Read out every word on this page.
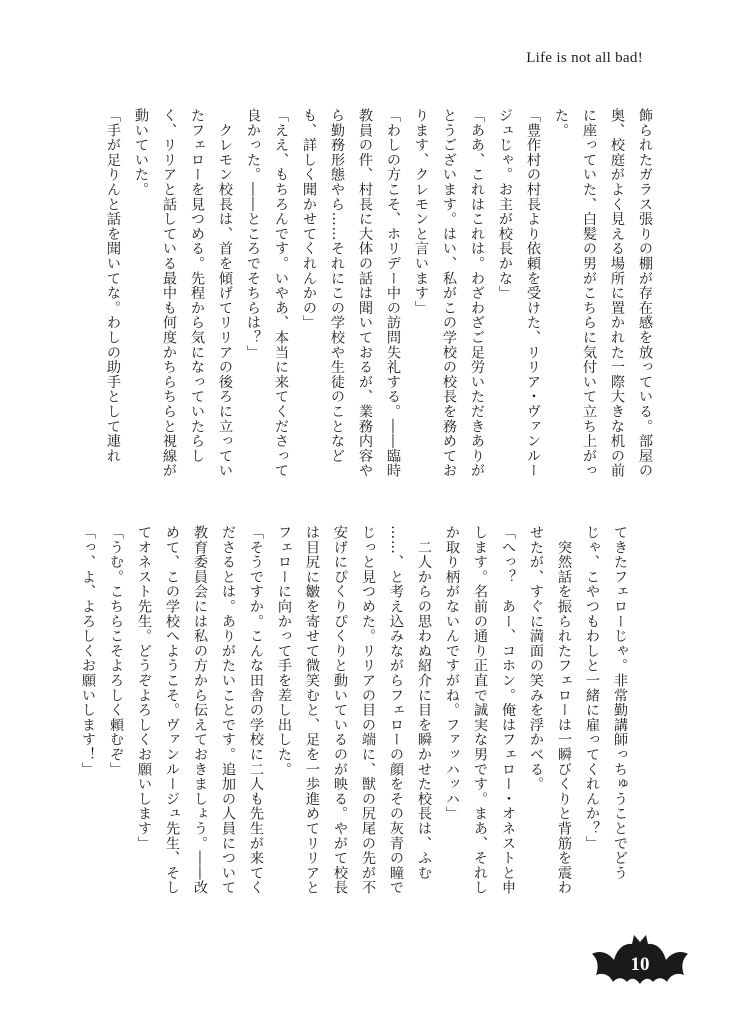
Life is not all bad!

飾られたガラス張りの棚が存在感を放っている。部屋の

奥、校庭がよく見える場所に置かれた一際大きな机の前

に座っていた、白髪の男がこちらに気付いて立ち上がっ

た。

「豊作村の村長より依頼を受けた、リリア・ヴァンルー

ジュじゃ。お主が校長かな」

「ああ、これはこれは。わざわざご足労いただきありが

とうございます。はい、私がこの学校の校長を務めてお

ります、クレモンと言います」

「わしの方こそ、ホリデー中の訪問失礼する。――臨時

教員の件、村長に大体の話は聞いておるが、業務内容や

ら勤務形態やら……それにこの学校や生徒のことなど

も、詳しく聞かせてくれんかの」

「ええ、もちろんです。いやあ、本当に来てくださって

良かった。――ところでそちらは？」

　クレモン校長は、首を傾げてリリアの後ろに立ってい

たフェローを見つめる。先程から気になっていたらし

く、リリアと話している最中も何度かちらちらと視線が

動いていた。

「手が足りんと話を聞いてな。わしの助手として連れ

てきたフェローじゃ。非常勤講師っちゅうことでどう

じゃ、こやつもわしと一緒に雇ってくれんか？」

　突然話を振られたフェローは一瞬びくりと背筋を震わ

せたが、すぐに満面の笑みを浮かべる。

「へっ？　あー、コホン。俺はフェロー・オネストと申

します。名前の通り正直で誠実な男です。まあ、それし

か取り柄がないんですがね。ファッハッハ」

　二人からの思わぬ紹介に目を瞬かせた校長は、ふむ

……、と考え込みながらフェローの顔をその灰青の瞳で

じっと見つめた。リリアの目の端に、獣の尻尾の先が不

安げにぴくりぴくりと動いているのが映る。やがて校長

は目尻に皺を寄せて微笑むと、足を一歩進めてリリアと

フェローに向かって手を差し出した。

「そうですか。こんな田舎の学校に二人も先生が来てく

ださるとは。ありがたいことです。追加の人員について

教育委員会には私の方から伝えておきましょう。――改

めて、この学校へようこそ。ヴァンルージュ先生、そし

てオネスト先生。どうぞよろしくお願いします」

「うむ。こちらこそよろしく頼むぞ」

「っ、よ、よろしくお願いします！」

10
